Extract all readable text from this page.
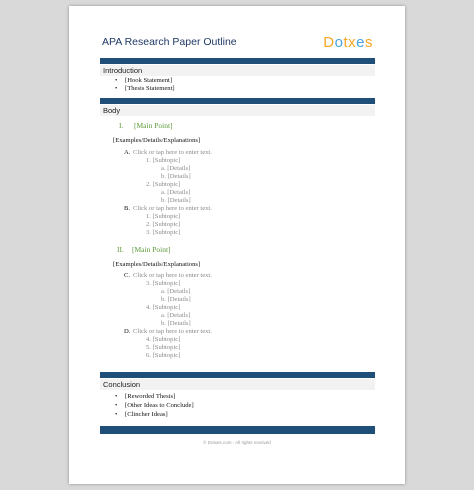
APA Research Paper Outline	Dotxes
Introduction
• [Hook Statement]
• [Thesis Statement]
Body
I. [Main Point]
[Examples/Details/Explanations]
A. Click or tap here to enter text.
1. [Subtopic]
a. [Details]
b. [Details]
2. [Subtopic]
a. [Details]
b. [Details]
B. Click or tap here to enter text.
1. [Subtopic]
2. [Subtopic]
3. [Subtopic]
II. [Main Point]
[Examples/Details/Explanations]
C. Click or tap here to enter text.
3. [Subtopic]
a. [Details]
b. [Details]
4. [Subtopic]
a. [Details]
b. [Details]
D. Click or tap here to enter text.
4. [Subtopic]
5. [Subtopic]
6. [Subtopic]
Conclusion
• [Reworded Thesis]
• [Other Ideas to Conclude]
• [Clincher Ideas]
© Dotxes.com - All rights received
